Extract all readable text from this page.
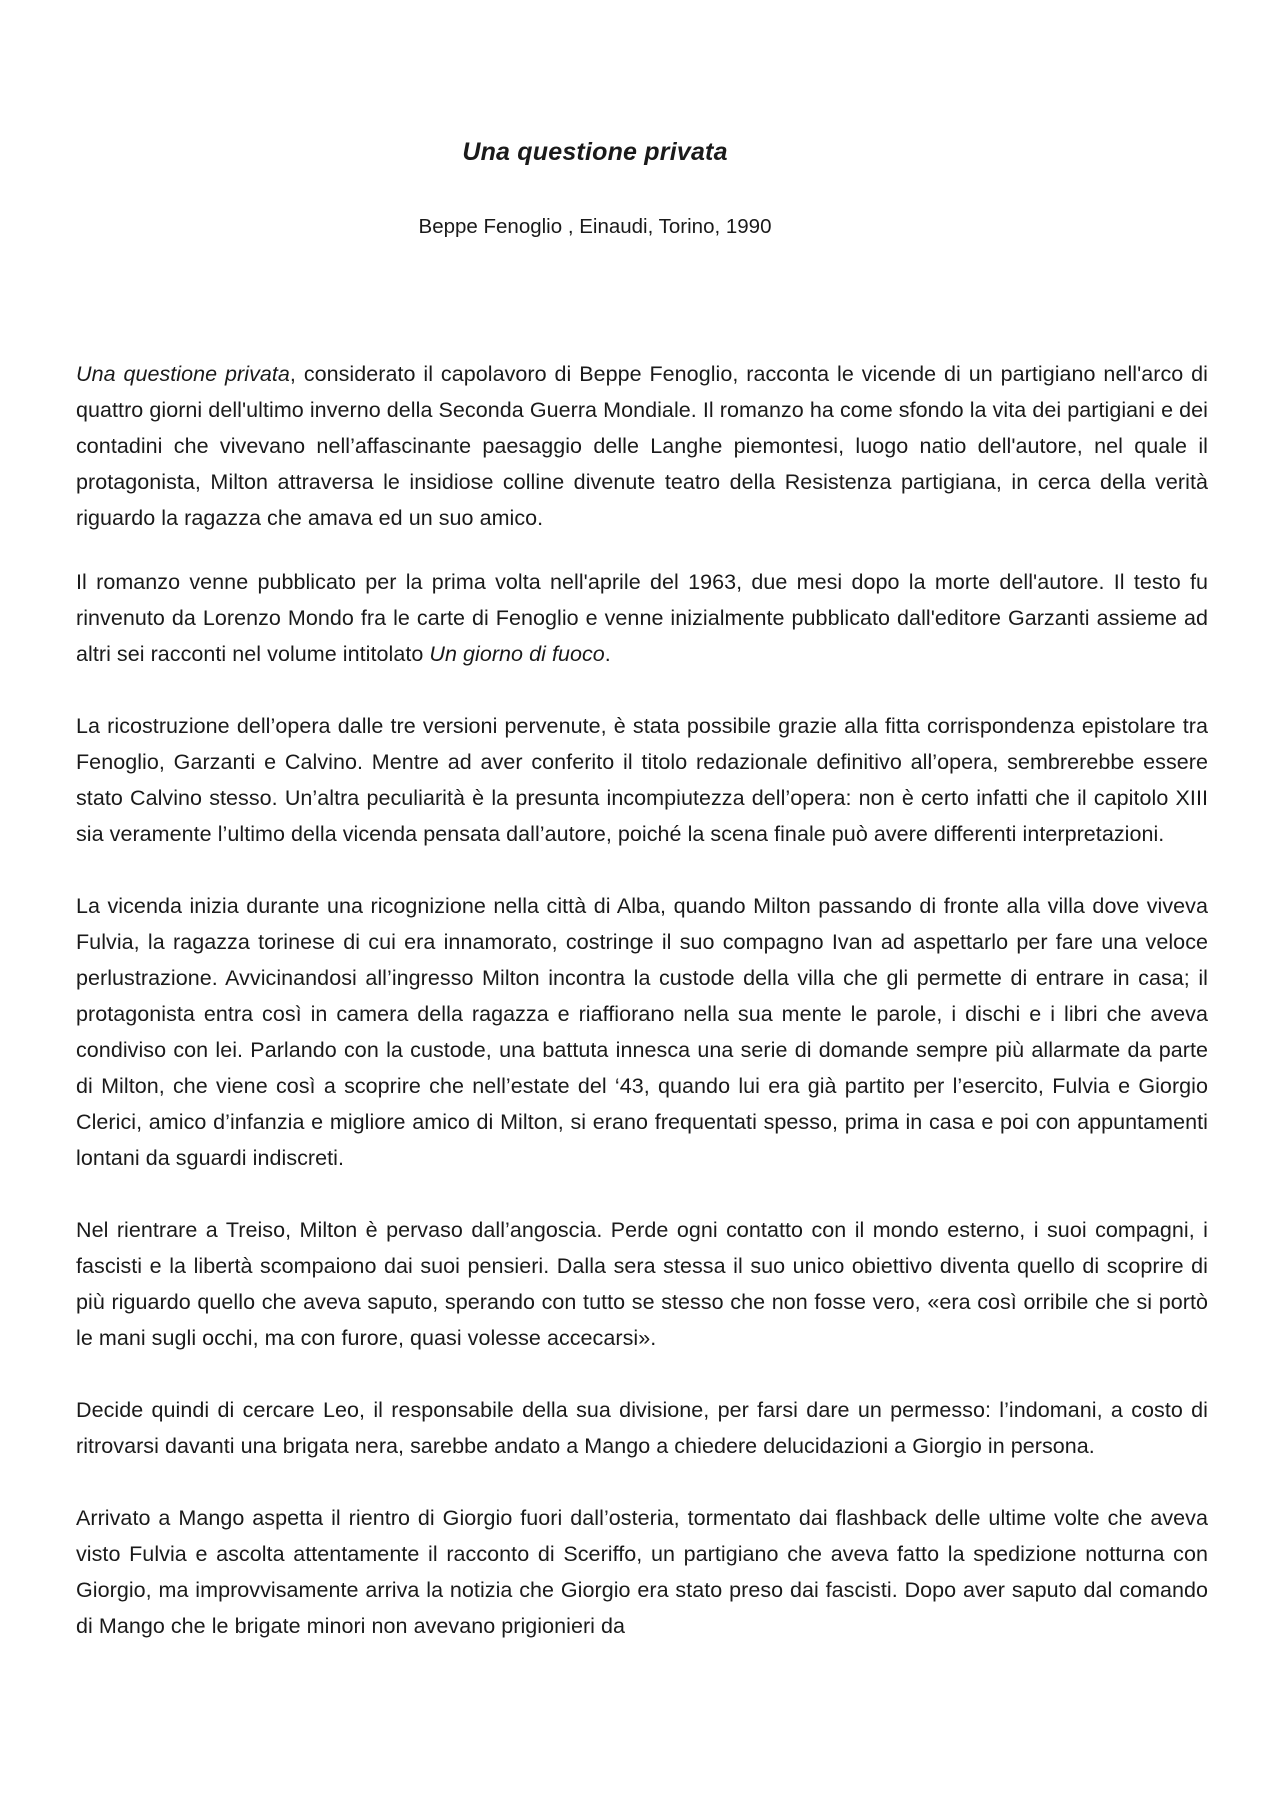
Una questione privata
Beppe Fenoglio , Einaudi, Torino, 1990

Una questione privata, considerato il capolavoro di Beppe Fenoglio, racconta le vicende di un partigiano nell'arco di quattro giorni dell'ultimo inverno della Seconda Guerra Mondiale. Il romanzo ha come sfondo la vita dei partigiani e dei contadini che vivevano nell’affascinante paesaggio delle Langhe piemontesi, luogo natio dell'autore, nel quale il protagonista, Milton attraversa le insidiose colline divenute teatro della Resistenza partigiana, in cerca della verità riguardo la ragazza che amava ed un suo amico.

Il romanzo venne pubblicato per la prima volta nell'aprile del 1963, due mesi dopo la morte dell'autore. Il testo fu rinvenuto da Lorenzo Mondo fra le carte di Fenoglio e venne inizialmente pubblicato dall'editore Garzanti assieme ad altri sei racconti nel volume intitolato Un giorno di fuoco.

La ricostruzione dell’opera dalle tre versioni pervenute, è stata possibile grazie alla fitta corrispondenza epistolare tra Fenoglio, Garzanti e Calvino. Mentre ad aver conferito il titolo redazionale definitivo all’opera, sembrerebbe essere stato Calvino stesso. Un’altra peculiarità è la presunta incompiutezza dell’opera: non è certo infatti che il capitolo XIII sia veramente l’ultimo della vicenda pensata dall’autore, poiché la scena finale può avere differenti interpretazioni.

La vicenda inizia durante una ricognizione nella città di Alba, quando Milton passando di fronte alla villa dove viveva Fulvia, la ragazza torinese di cui era innamorato, costringe il suo compagno Ivan ad aspettarlo per fare una veloce perlustrazione. Avvicinandosi all’ingresso Milton incontra la custode della villa che gli permette di entrare in casa; il protagonista entra così in camera della ragazza e riaffiorano nella sua mente le parole, i dischi e i libri che aveva condiviso con lei. Parlando con la custode, una battuta innesca una serie di domande sempre più allarmate da parte di Milton, che viene così a scoprire che nell’estate del ‘43, quando lui era già partito per l’esercito, Fulvia e Giorgio Clerici, amico d’infanzia e migliore amico di Milton, si erano frequentati spesso, prima in casa e poi con appuntamenti lontani da sguardi indiscreti.

Nel rientrare a Treiso, Milton è pervaso dall’angoscia. Perde ogni contatto con il mondo esterno, i suoi compagni, i fascisti e la libertà scompaiono dai suoi pensieri. Dalla sera stessa il suo unico obiettivo diventa quello di scoprire di più riguardo quello che aveva saputo, sperando con tutto se stesso che non fosse vero, «era così orribile che si portò le mani sugli occhi, ma con furore, quasi volesse accecarsi».

Decide quindi di cercare Leo, il responsabile della sua divisione, per farsi dare un permesso: l’indomani, a costo di ritrovarsi davanti una brigata nera, sarebbe andato a Mango a chiedere delucidazioni a Giorgio in persona.

Arrivato a Mango aspetta il rientro di Giorgio fuori dall’osteria, tormentato dai flashback delle ultime volte che aveva visto Fulvia e ascolta attentamente il racconto di Sceriffo, un partigiano che aveva fatto la spedizione notturna con Giorgio, ma improvvisamente arriva la notizia che Giorgio era stato preso dai fascisti. Dopo aver saputo dal comando di Mango che le brigate minori non avevano prigionieri da
